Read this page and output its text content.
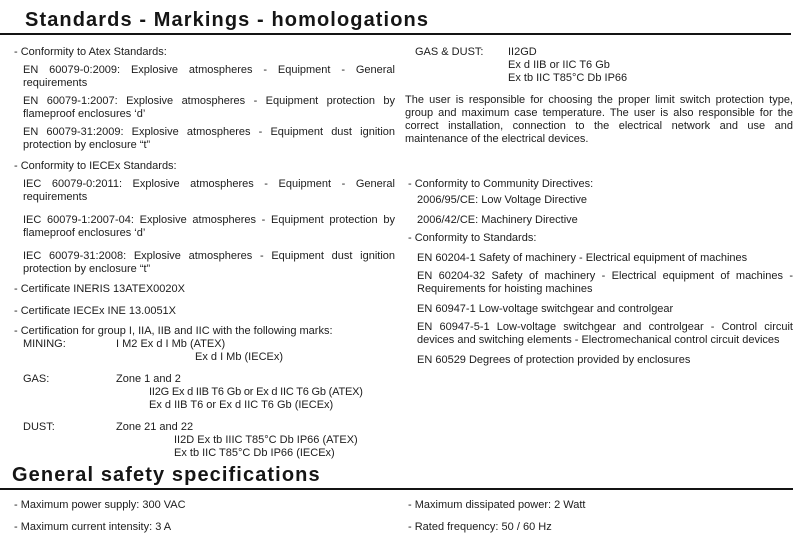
Standards - Markings - homologations

- Conformity to Atex Standards:

EN 60079-0:2009: Explosive atmospheres - Equipment - General requirements

EN 60079-1:2007: Explosive atmospheres - Equipment protection by flameproof enclosures ‘d’

EN 60079-31:2009: Explosive atmospheres - Equipment dust ignition protection by enclosure “t”

- Conformity to IECEx Standards:

IEC 60079-0:2011: Explosive atmospheres - Equipment - General requirements

IEC 60079-1:2007-04: Explosive atmospheres - Equipment protection by flameproof enclosures ‘d’

IEC 60079-31:2008: Explosive atmospheres - Equipment dust ignition protection by enclosure “t”

- Certificate INERIS 13ATEX0020X

- Certificate IECEx INE 13.0051X

- Certification for group I, IIA, IIB and IIC with the following marks:

MINING:	I M2 Ex d I Mb (ATEX)
Ex d I Mb (IECEx)
GAS:	Zone 1 and 2
II2G Ex d IIB T6 Gb or Ex d IIC T6 Gb (ATEX)
Ex d IIB T6 or Ex d IIC T6 Gb (IECEx)
DUST:	Zone 21 and 22
II2D Ex tb IIIC T85°C Db IP66 (ATEX)
Ex tb IIC T85°C Db IP66 (IECEx)
GAS & DUST:	II2GD
Ex d IIB or IIC T6 Gb
Ex tb IIC T85°C Db IP66

The user is responsible for choosing the proper limit switch protection type, group and maximum case temperature. The user is also responsible for the correct installation, connection to the electrical network and use and maintenance of the electrical devices.

- Conformity to Community Directives:

2006/95/CE: Low Voltage Directive

2006/42/CE: Machinery Directive

- Conformity to Standards:

EN 60204-1 Safety of machinery - Electrical equipment of machines

EN 60204-32 Safety of machinery - Electrical equipment of machines - Requirements for hoisting machines

EN 60947-1 Low-voltage switchgear and controlgear

EN 60947-5-1 Low-voltage switchgear and controlgear - Control circuit devices and switching elements - Electromechanical control circuit devices

EN 60529 Degrees of protection provided by enclosures

General safety specifications

- Maximum power supply: 300 VAC

- Maximum current intensity: 3 A

- Maximum dissipated power: 2 Watt

- Rated frequency: 50 / 60 Hz
